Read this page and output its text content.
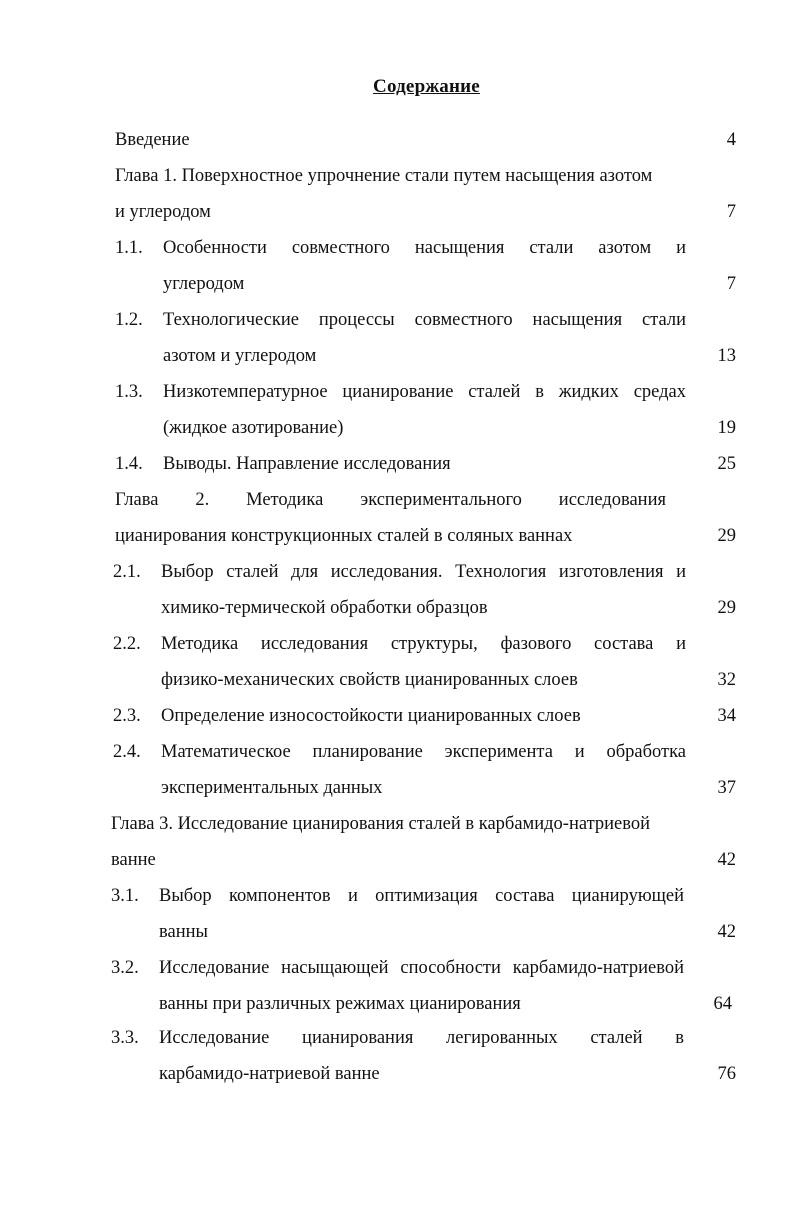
Содержание
Введение	4
Глава 1. Поверхностное упрочнение стали путем насыщения азотом
и углеродом	7
1.1. Особенности совместного насыщения стали азотом и
углеродом	7
1.2. Технологические процессы совместного насыщения стали
азотом и углеродом	13
1.3. Низкотемпературное цианирование сталей в жидких средах
(жидкое азотирование)	19
1.4. Выводы. Направление исследования	25
Глава 2. Методика экспериментального исследования
цианирования конструкционных сталей в соляных ваннах	29
2.1. Выбор сталей для исследования. Технология изготовления и
химико-термической обработки образцов	29
2.2. Методика исследования структуры, фазового состава и
физико-механических свойств цианированных слоев	32
2.3. Определение износостойкости цианированных слоев	34
2.4. Математическое планирование эксперимента и обработка
экспериментальных данных	37
Глава 3. Исследование цианирования сталей в карбамидо-натриевой
ванне	42
3.1. Выбор компонентов и оптимизация состава цианирующей
ванны	42
3.2. Исследование насыщающей способности карбамидо-натриевой
ванны при различных режимах цианирования	64
3.3. Исследование цианирования легированных сталей в
карбамидо-натриевой ванне	76
